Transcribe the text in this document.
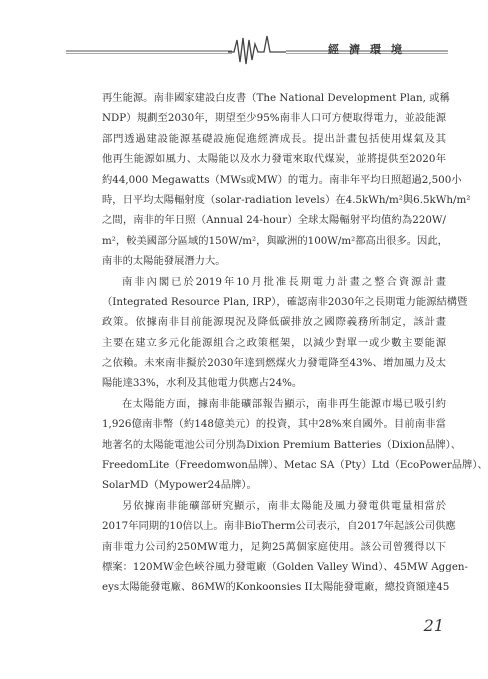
經濟環境
再生能源。南非國家建設白皮書（The National Development Plan, 或稱
NDP）規劃至2030年，期望至少95%南非人口可方便取得電力，並設能源
部門透過建設能源基礎設施促進經濟成長。提出計畫包括使用煤氣及其
他再生能源如風力、太陽能以及水力發電來取代煤炭，並將提供至2020年
約44,000 Megawatts（MWs或MW）的電力。南非年平均日照超過2,500小
時，日平均太陽輻射度（solar-radiation levels）在4.5kWh/m²與6.5kWh/m²
之間，南非的年日照（Annual 24-hour）全球太陽輻射平均值約為220W/
m²，較美國部分區域的150W/m²，與歐洲的100W/m²都高出很多。因此，
南非的太陽能發展潛力大。
南非內閣已於2019年10月批准長期電力計畫之整合資源計畫
（Integrated Resource Plan, IRP），確認南非2030年之長期電力能源結構暨
政策。依據南非目前能源現況及降低碳排放之國際義務所制定，該計畫
主要在建立多元化能源組合之政策框架，以減少對單一或少數主要能源
之依賴。未來南非擬於2030年達到燃煤火力發電降至43%、增加風力及太
陽能達33%，水利及其他電力供應占24%。
在太陽能方面，據南非能礦部報告顯示，南非再生能源市場已吸引約
1,926億南非幣（約148億美元）的投資，其中28%來自國外。目前南非當
地著名的太陽能電池公司分別為Dixion Premium Batteries（Dixion品牌）、
FreedomLite（Freedomwon品牌）、Metac SA（Pty）Ltd（EcoPower品牌）、
SolarMD（Mypower24品牌）。
另依據南非能礦部研究顯示，南非太陽能及風力發電供電量相當於
2017年同期的10倍以上。南非BioTherm公司表示，自2017年起該公司供應
南非電力公司約250MW電力，足夠25萬個家庭使用。該公司曾獲得以下
標案：120MW金色峽谷風力發電廠（Golden Valley Wind）、45MW Aggen-
eys太陽能發電廠、86MW的Konkoonsies II太陽能發電廠，總投資額達45
21
